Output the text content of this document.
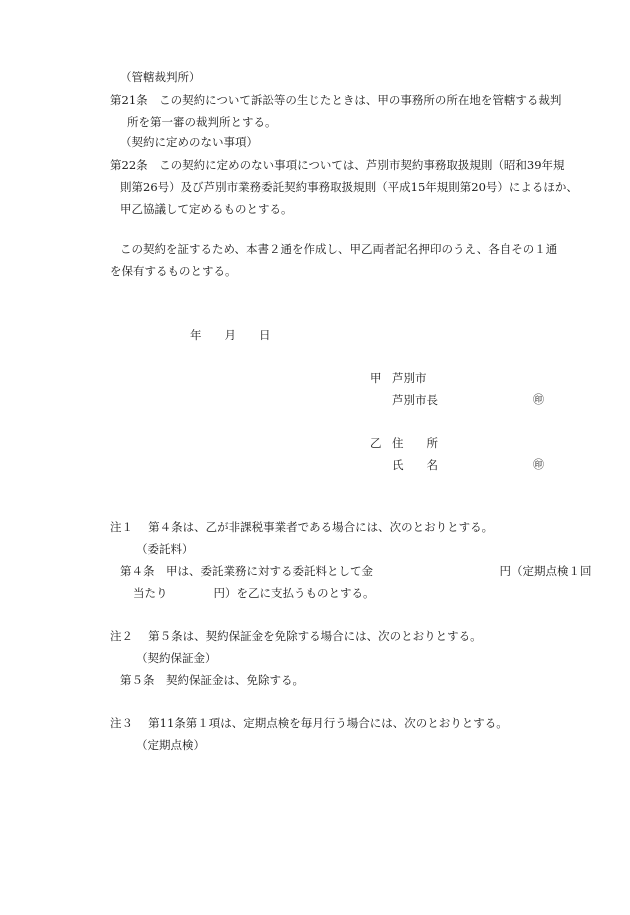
（管轄裁判所）

第21条　この契約について訴訟等の生じたときは、甲の事務所の所在地を管轄する裁判

所を第一審の裁判所とする。

（契約に定めのない事項）

第22条　この契約に定めのない事項については、芦別市契約事務取扱規則（昭和39年規

則第26号）及び芦別市業務委託契約事務取扱規則（平成15年規則第20号）によるほか、

甲乙協議して定めるものとする。

この契約を証するため、本書２通を作成し、甲乙両者記名押印のうえ、各自その１通

を保有するものとする。

年　　月　　日

甲 芦別市

芦別市長	㊞

乙 住　　所

氏　　名	㊞

注１　 第４条は、乙が非課税事業者である場合には、次のとおりとする。

（委託料）

第４条　甲は、委託業務に対する委託料として金　　　　　　　　　　　円（定期点検１回

当たり　　　　円）を乙に支払うものとする。

注２　 第５条は、契約保証金を免除する場合には、次のとおりとする。

（契約保証金）

第５条　契約保証金は、免除する。

注３　 第11条第１項は、定期点検を毎月行う場合には、次のとおりとする。

（定期点検）
